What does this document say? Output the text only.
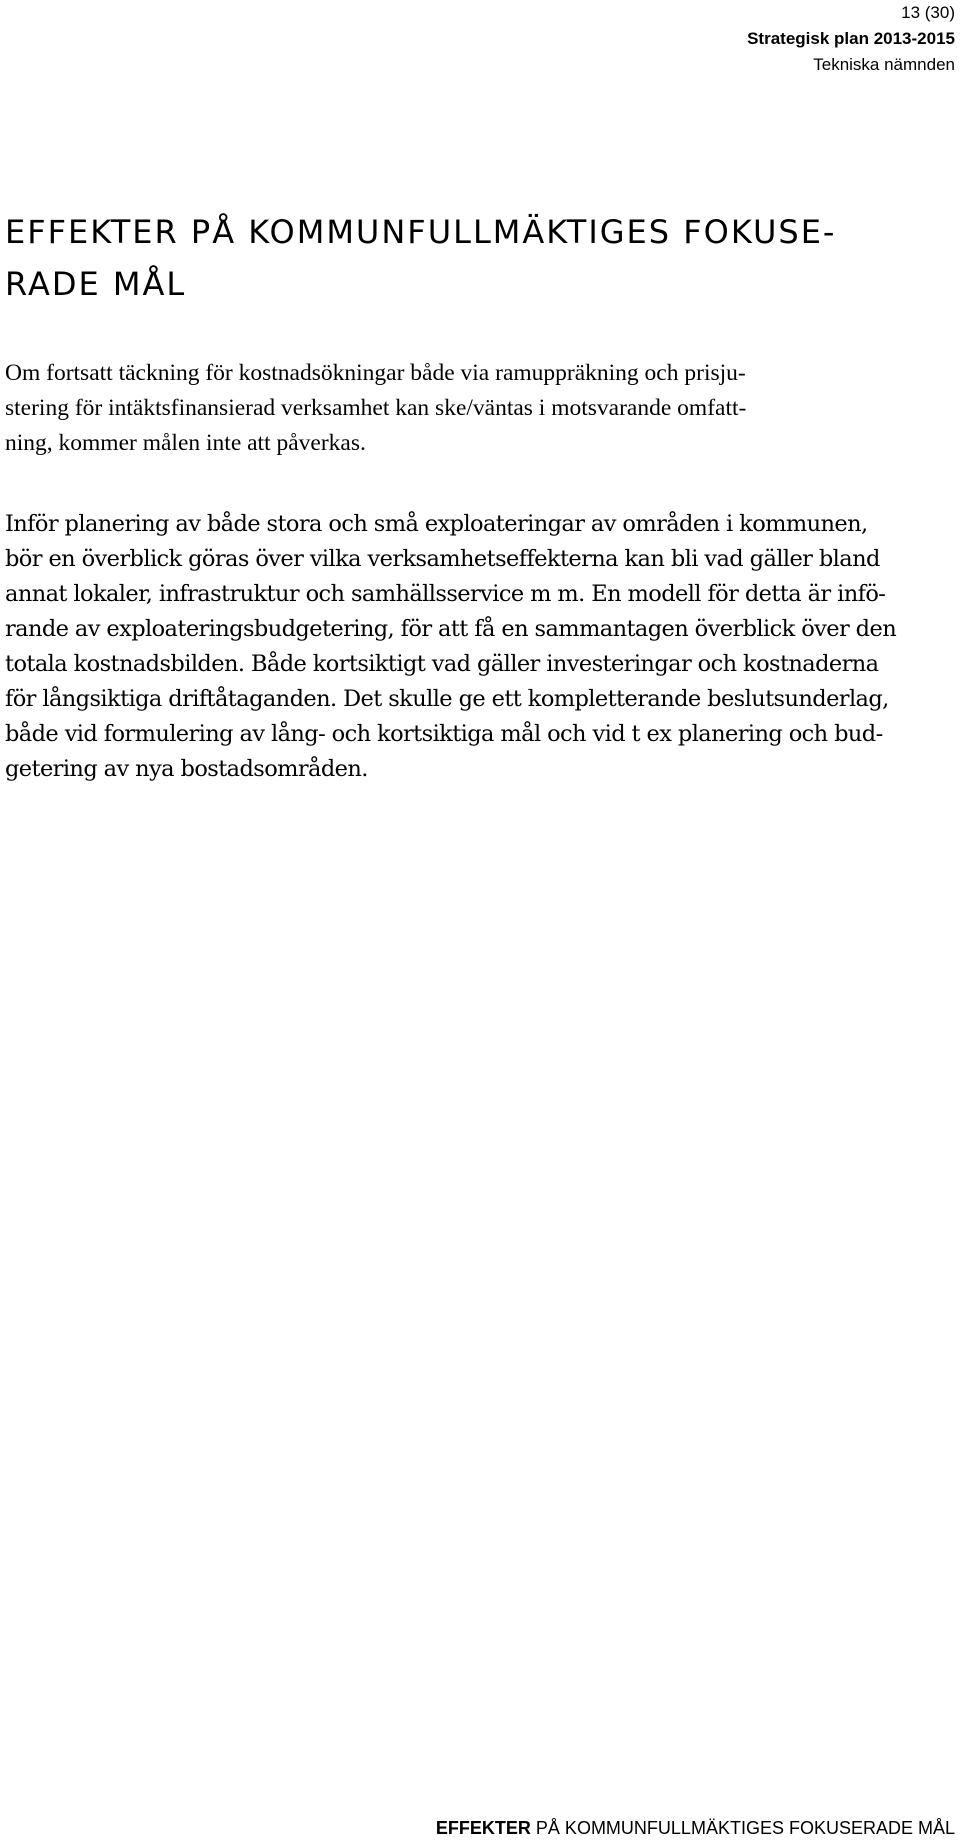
13 (30)
Strategisk plan 2013-2015
Tekniska nämnden
EFFEKTER PÅ KOMMUNFULLMÄKTIGES FOKUSE-
RADE MÅL

Om fortsatt täckning för kostnadsökningar både via ramuppräkning och prisju-
stering för intäktsfinansierad verksamhet kan ske/väntas i motsvarande omfatt-
ning, kommer målen inte att påverkas.

Inför planering av både stora och små exploateringar av områden i kommunen,
bör en överblick göras över vilka verksamhetseffekterna kan bli vad gäller bland
annat lokaler, infrastruktur och samhällsservice m m. En modell för detta är infö-
rande av exploateringsbudgetering, för att få en sammantagen överblick över den
totala kostnadsbilden. Både kortsiktigt vad gäller investeringar och kostnaderna
för långsiktiga driftåtaganden. Det skulle ge ett kompletterande beslutsunderlag,
både vid formulering av lång- och kortsiktiga mål och vid t ex planering och bud-
getering av nya bostadsområden.

EFFEKTER PÅ KOMMUNFULLMÄKTIGES FOKUSERADE MÅL
